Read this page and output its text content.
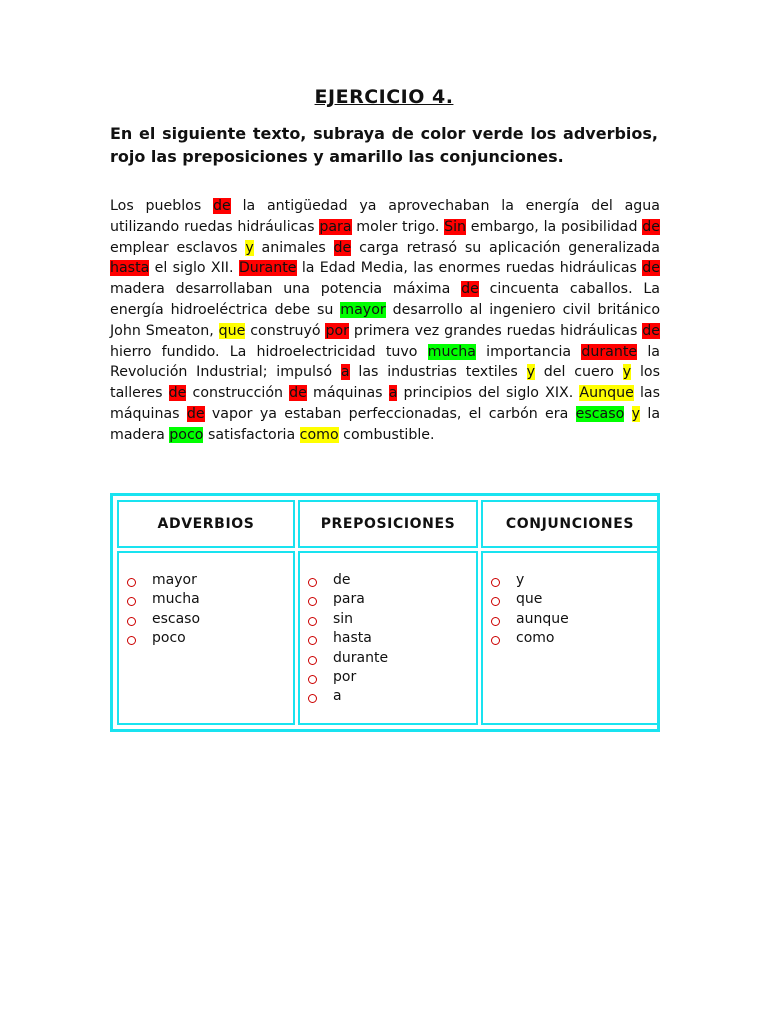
EJERCICIO 4.
En el siguiente texto, subraya de color verde los adverbios, rojo las preposiciones y amarillo las conjunciones.
Los pueblos de la antigüedad ya aprovechaban la energía del agua utilizando ruedas hidráulicas para moler trigo. Sin embargo, la posibilidad de emplear esclavos y animales de carga retrasó su aplicación generalizada hasta el siglo XII. Durante la Edad Media, las enormes ruedas hidráulicas de madera desarrollaban una potencia máxima de cincuenta caballos. La energía hidroeléctrica debe su mayor desarrollo al ingeniero civil británico John Smeaton, que construyó por primera vez grandes ruedas hidráulicas de hierro fundido. La hidroelectricidad tuvo mucha importancia durante la Revolución Industrial; impulsó a las industrias textiles y del cuero y los talleres de construcción de máquinas a principios del siglo XIX. Aunque las máquinas de vapor ya estaban perfeccionadas, el carbón era escaso y la madera poco satisfactoria como combustible.
ADVERBIOS	PREPOSICIONES	CONJUNCIONES
mayor
mucha
escaso
poco
de
para
sin
hasta
durante
por
a
y
que
aunque
como
